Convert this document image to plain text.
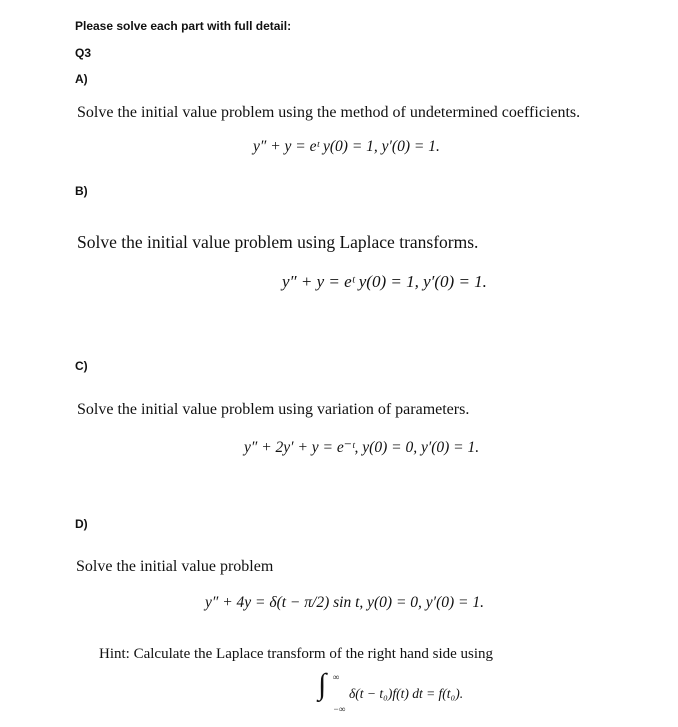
Please solve each part with full detail:
Q3
A)
Solve the initial value problem using the method of undetermined coefficients.
y″ + y = eᵗ y(0) = 1, y′(0) = 1.
B)
Solve the initial value problem using Laplace transforms.
y″ + y = eᵗ y(0) = 1, y′(0) = 1.
C)
Solve the initial value problem using variation of parameters.
y″ + 2y′ + y = e⁻ᵗ, y(0) = 0, y′(0) = 1.
D)
Solve the initial value problem
y″ + 4y = δ(t − π/2) sin t, y(0) = 0, y′(0) = 1.
Hint: Calculate the Laplace transform of the right hand side using
∫ ∞
−∞
δ(t − t₀)f(t) dt = f(t₀).
